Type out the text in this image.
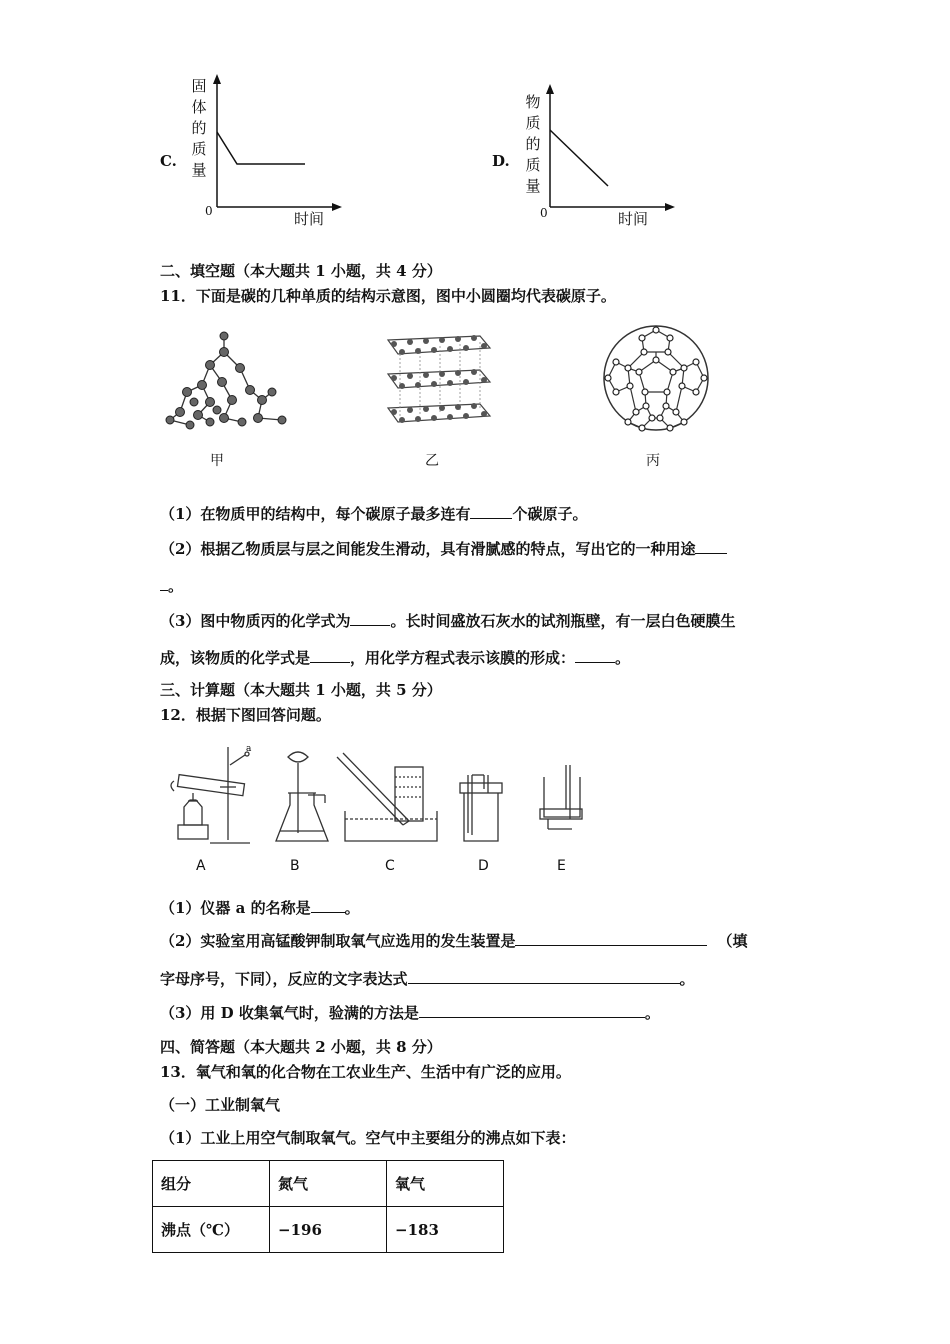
C.
固
体
的
质
量
0	时间
D.
物
质
的
质
量
0	时间
二、填空题（本大题共 1 小题，共 4 分）
11．下面是碳的几种单质的结构示意图，图中小圆圈均代表碳原子。
甲	乙	丙
（1）在物质甲的结构中，每个碳原子最多连有	个碳原子。
（2）根据乙物质层与层之间能发生滑动，具有滑腻感的特点，写出它的一种用途
。
（3）图中物质丙的化学式为	。长时间盛放石灰水的试剂瓶壁，有一层白色硬膜生
成，该物质的化学式是	，用化学方程式表示该膜的形成：	。
三、计算题（本大题共 1 小题，共 5 分）
12．根据下图回答问题。
a
A	B	C	D	E
（1）仪器 a 的名称是 。
（2）实验室用高锰酸钾制取氧气应选用的发生装置是	（填
字母序号，下同），反应的文字表达式	。
（3）用 D 收集氧气时，验满的方法是	。
四、简答题（本大题共 2 小题，共 8 分）
13．氧气和氧的化合物在工农业生产、生活中有广泛的应用。
（一）工业制氧气
（1）工业上用空气制取氧气。空气中主要组分的沸点如下表：
组分	氮气	氧气
沸点（℃）	−196	−183
